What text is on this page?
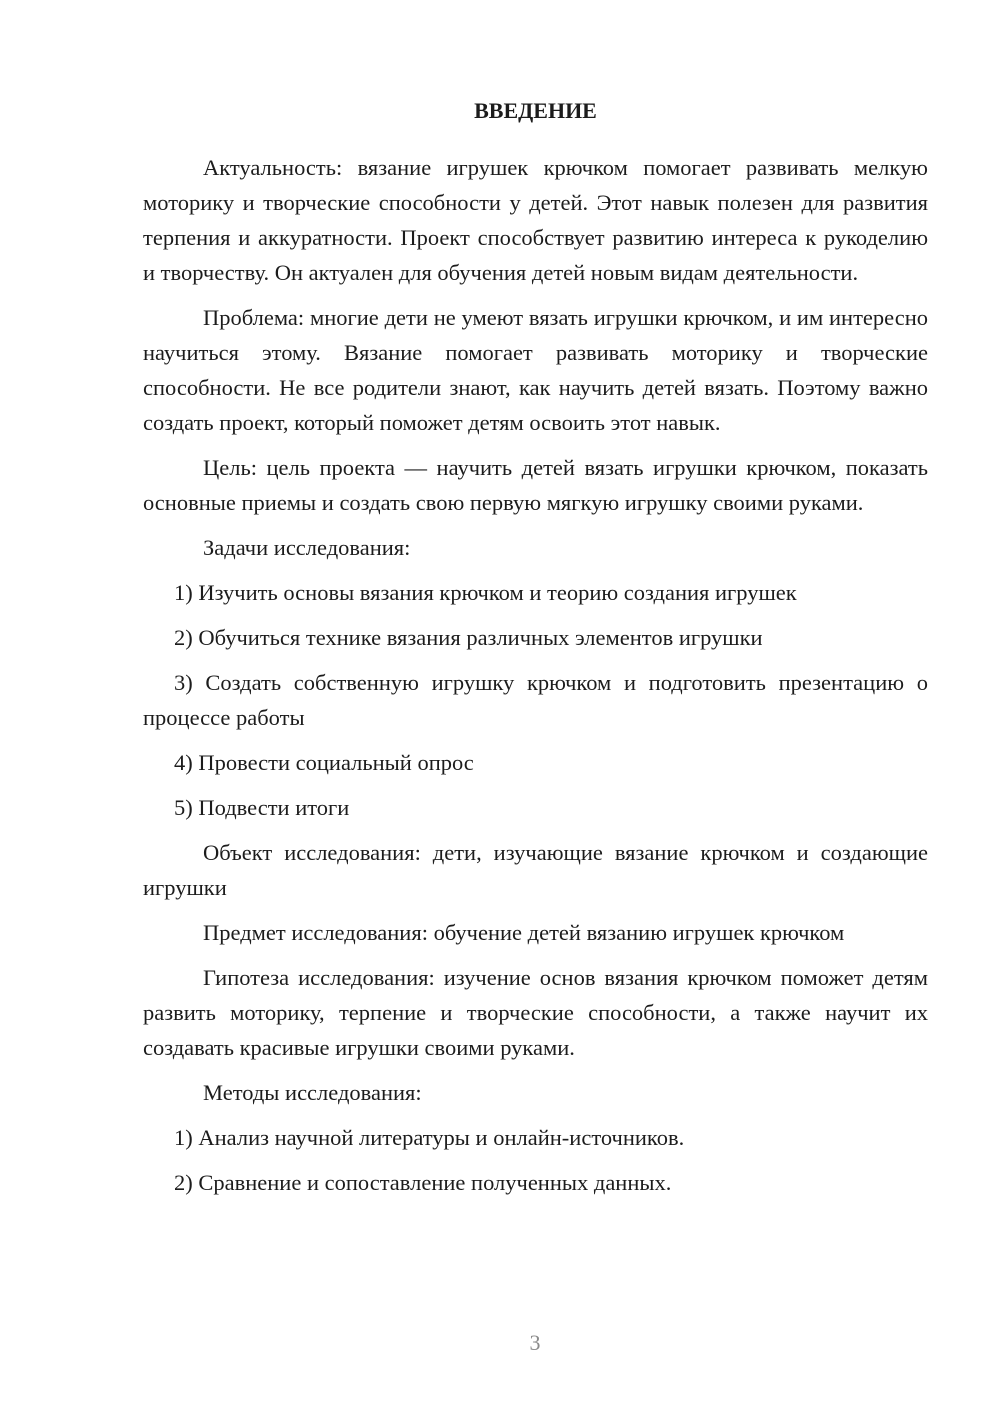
ВВЕДЕНИЕ

Актуальность: вязание игрушек крючком помогает развивать мелкую моторику и творческие способности у детей. Этот навык полезен для развития терпения и аккуратности. Проект способствует развитию интереса к рукоделию и творчеству. Он актуален для обучения детей новым видам деятельности.

Проблема: многие дети не умеют вязать игрушки крючком, и им интересно научиться этому. Вязание помогает развивать моторику и творческие способности. Не все родители знают, как научить детей вязать. Поэтому важно создать проект, который поможет детям освоить этот навык.

Цель: цель проекта — научить детей вязать игрушки крючком, показать основные приемы и создать свою первую мягкую игрушку своими руками.

Задачи исследования:

1) Изучить основы вязания крючком и теорию создания игрушек

2) Обучиться технике вязания различных элементов игрушки

3) Создать собственную игрушку крючком и подготовить презентацию о процессе работы

4) Провести социальный опрос

5) Подвести итоги

Объект исследования: дети, изучающие вязание крючком и создающие игрушки

Предмет исследования: обучение детей вязанию игрушек крючком

Гипотеза исследования: изучение основ вязания крючком поможет детям развить моторику, терпение и творческие способности, а также научит их создавать красивые игрушки своими руками.

Методы исследования:

1) Анализ научной литературы и онлайн-источников.

2) Сравнение и сопоставление полученных данных.

3
